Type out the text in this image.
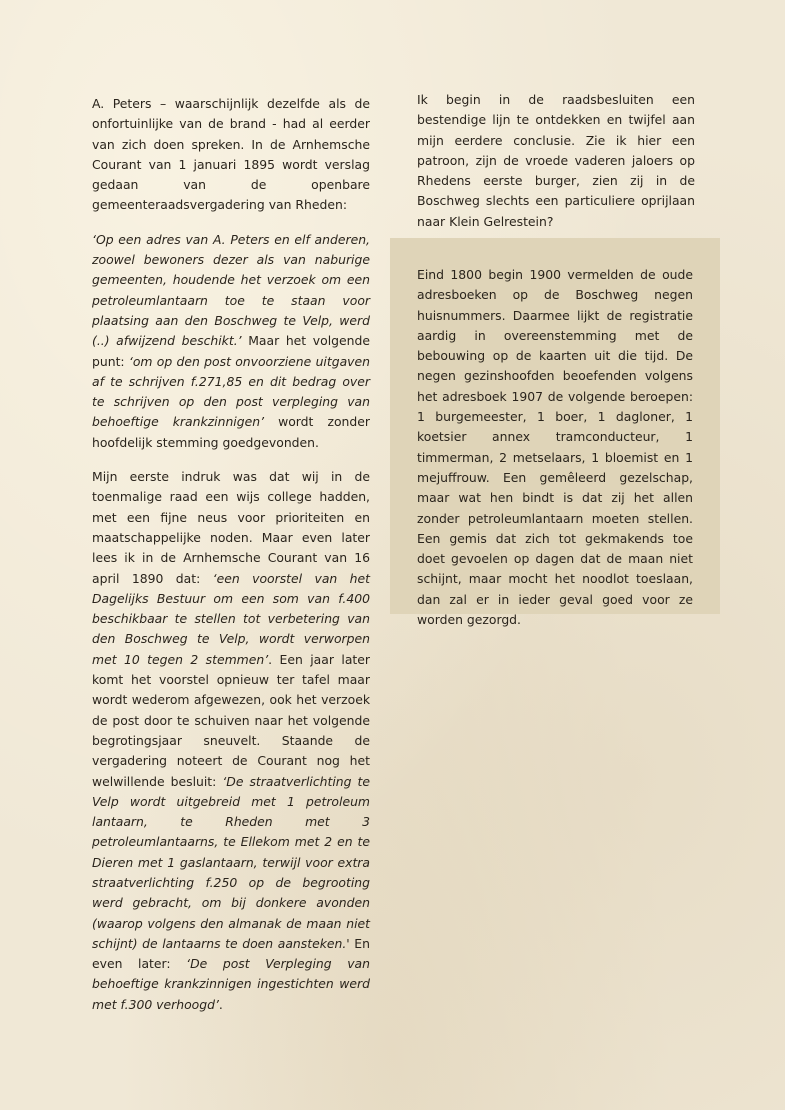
A. Peters – waarschijnlijk dezelfde als de onfortuinlijke van de brand - had al eerder van zich doen spreken. In de Arnhemsche Courant van 1 januari 1895 wordt verslag gedaan van de openbare gemeenteraadsvergadering van Rheden:

‘Op een adres van A. Peters en elf anderen, zoowel bewoners dezer als van naburige gemeenten, houdende het verzoek om een petroleumlantaarn toe te staan voor plaatsing aan den Boschweg te Velp, werd (..) afwijzend beschikt.’ Maar het volgende punt: ‘om op den post onvoorziene uitgaven af te schrijven f.271,85 en dit bedrag over te schrijven op den post verpleging van behoeftige krankzinnigen’ wordt zonder hoofdelijk stemming goedgevonden.

Mijn eerste indruk was dat wij in de toenmalige raad een wijs college hadden, met een fijne neus voor prioriteiten en maatschappelijke noden. Maar even later lees ik in de Arnhemsche Courant van 16 april 1890 dat: ‘een voorstel van het Dagelijks Bestuur om een som van f.400 beschikbaar te stellen tot verbetering van den Boschweg te Velp, wordt verworpen met 10 tegen 2 stemmen’. Een jaar later komt het voorstel opnieuw ter tafel maar wordt wederom afgewezen, ook het verzoek de post door te schuiven naar het volgende begrotingsjaar sneuvelt. Staande de vergadering noteert de Courant nog het welwillende besluit: ‘De straatverlichting te Velp wordt uitgebreid met 1 petroleum lantaarn, te Rheden met 3 petroleumlantaarns, te Ellekom met 2 en te Dieren met 1 gaslantaarn, terwijl voor extra straatverlichting f.250 op de begrooting werd gebracht, om bij donkere avonden (waarop volgens den almanak de maan niet schijnt) de lantaarns te doen aansteken.' En even later: ‘De post Verpleging van behoeftige krankzinnigen ingestichten werd met f.300 verhoogd’.

Ik begin in de raadsbesluiten een bestendige lijn te ontdekken en twijfel aan mijn eerdere conclusie. Zie ik hier een patroon, zijn de vroede vaderen jaloers op Rhedens eerste burger, zien zij in de Boschweg slechts een particuliere oprijlaan naar Klein Gelrestein?

Eind 1800 begin 1900 vermelden de oude adresboeken op de Boschweg negen huisnummers. Daarmee lijkt de registratie aardig in overeenstemming met de bebouwing op de kaarten uit die tijd. De negen gezinshoofden beoefenden volgens het adresboek 1907 de volgende beroepen: 1 burgemeester, 1 boer, 1 dagloner, 1 koetsier annex tramconducteur, 1 timmerman, 2 metselaars, 1 bloemist en 1 mejuffrouw. Een gemêleerd gezelschap, maar wat hen bindt is dat zij het allen zonder petroleumlantaarn moeten stellen. Een gemis dat zich tot gekmakends toe doet gevoelen op dagen dat de maan niet schijnt, maar mocht het noodlot toeslaan, dan zal er in ieder geval goed voor ze worden gezorgd.
